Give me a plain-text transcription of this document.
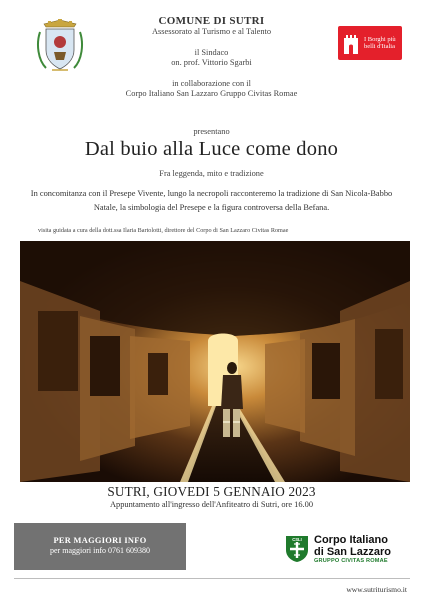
COMUNE DI SUTRI
Assessorato al Turismo e al Talento
il Sindaco
on. prof. Vittorio Sgarbi
in collaborazione con il
Corpo Italiano San Lazzaro Gruppo Civitas Romae
I Borghi più belli d'Italia
presentano
Dal buio alla Luce come dono
Fra leggenda, mito e tradizione
In concomitanza con il Presepe Vivente, lungo la necropoli racconteremo la tradizione di San Nicola-Babbo Natale, la simbologia del Presepe e la figura controversa della Befana.
visita guidata a cura della dott.ssa Ilaria Bartolotti, direttore del Corpo di San Lazzaro Civitas Romae
SUTRI, GIOVEDI 5 GENNAIO 2023
Appuntamento all'ingresso dell'Anfiteatro di Sutri, ore 16.00
PER MAGGIORI INFO
per maggiori info 0761 609380
CSLI Corpo Italiano
di San Lazzaro
GRUPPO CIVITAS ROMAE
www.sutriturismo.it
